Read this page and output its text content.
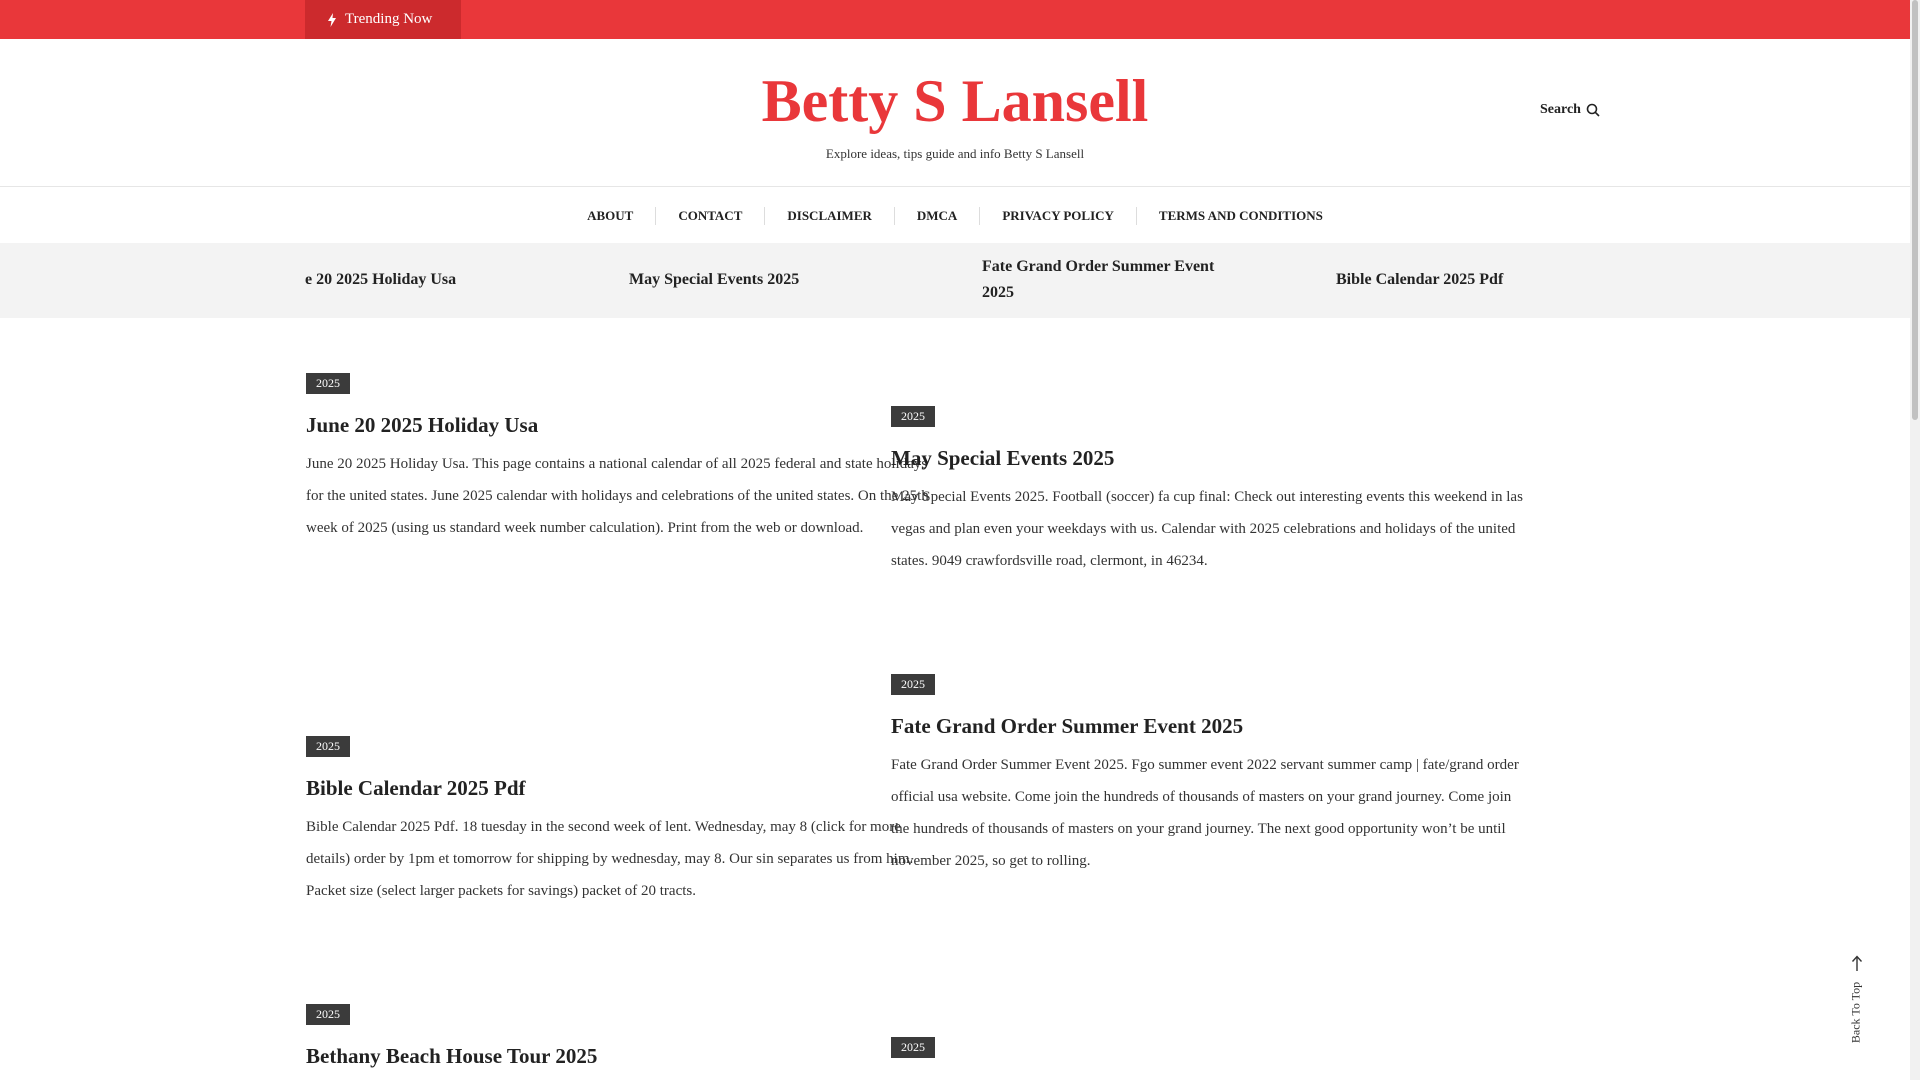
Trending Now
Betty S Lansell
Explore ideas, tips guide and info Betty S Lansell
Search
ABOUT	CONTACT	DISCLAIMER	DMCA	PRIVACY POLICY	TERMS AND CONDITIONS
e 20 2025 Holiday Usa	May Special Events 2025
Fate Grand Order Summer Event 2025
Bible Calendar 2025 Pdf
2025
June 20 2025 Holiday Usa

June 20 2025 Holiday Usa. This page contains a national calendar of all 2025 federal and state holidays for the united states. June 2025 calendar with holidays and celebrations of the united states. On the 25th week of 2025 (using us standard week number calculation). Print from the web or download.

2025
May Special Events 2025

May Special Events 2025. Football (soccer) fa cup final: Check out interesting events this weekend in las vegas and plan even your weekdays with us. Calendar with 2025 celebrations and holidays of the united states. 9049 crawfordsville road, clermont, in 46234.

2025
Fate Grand Order Summer Event 2025

Fate Grand Order Summer Event 2025. Fgo summer event 2022 servant summer camp | fate/grand order official usa website. Come join the hundreds of thousands of masters on your grand journey. Come join the hundreds of thousands of masters on your grand journey. The next good opportunity won’t be until november 2025, so get to rolling.

2025
Bible Calendar 2025 Pdf

Bible Calendar 2025 Pdf. 18 tuesday in the second week of lent. Wednesday, may 8 (click for more details) order by 1pm et tomorrow for shipping by wednesday, may 8. Our sin separates us from him. Packet size (select larger packets for savings) packet of 20 tracts.

2025
Bethany Beach House Tour 2025	2025
Back To Top
